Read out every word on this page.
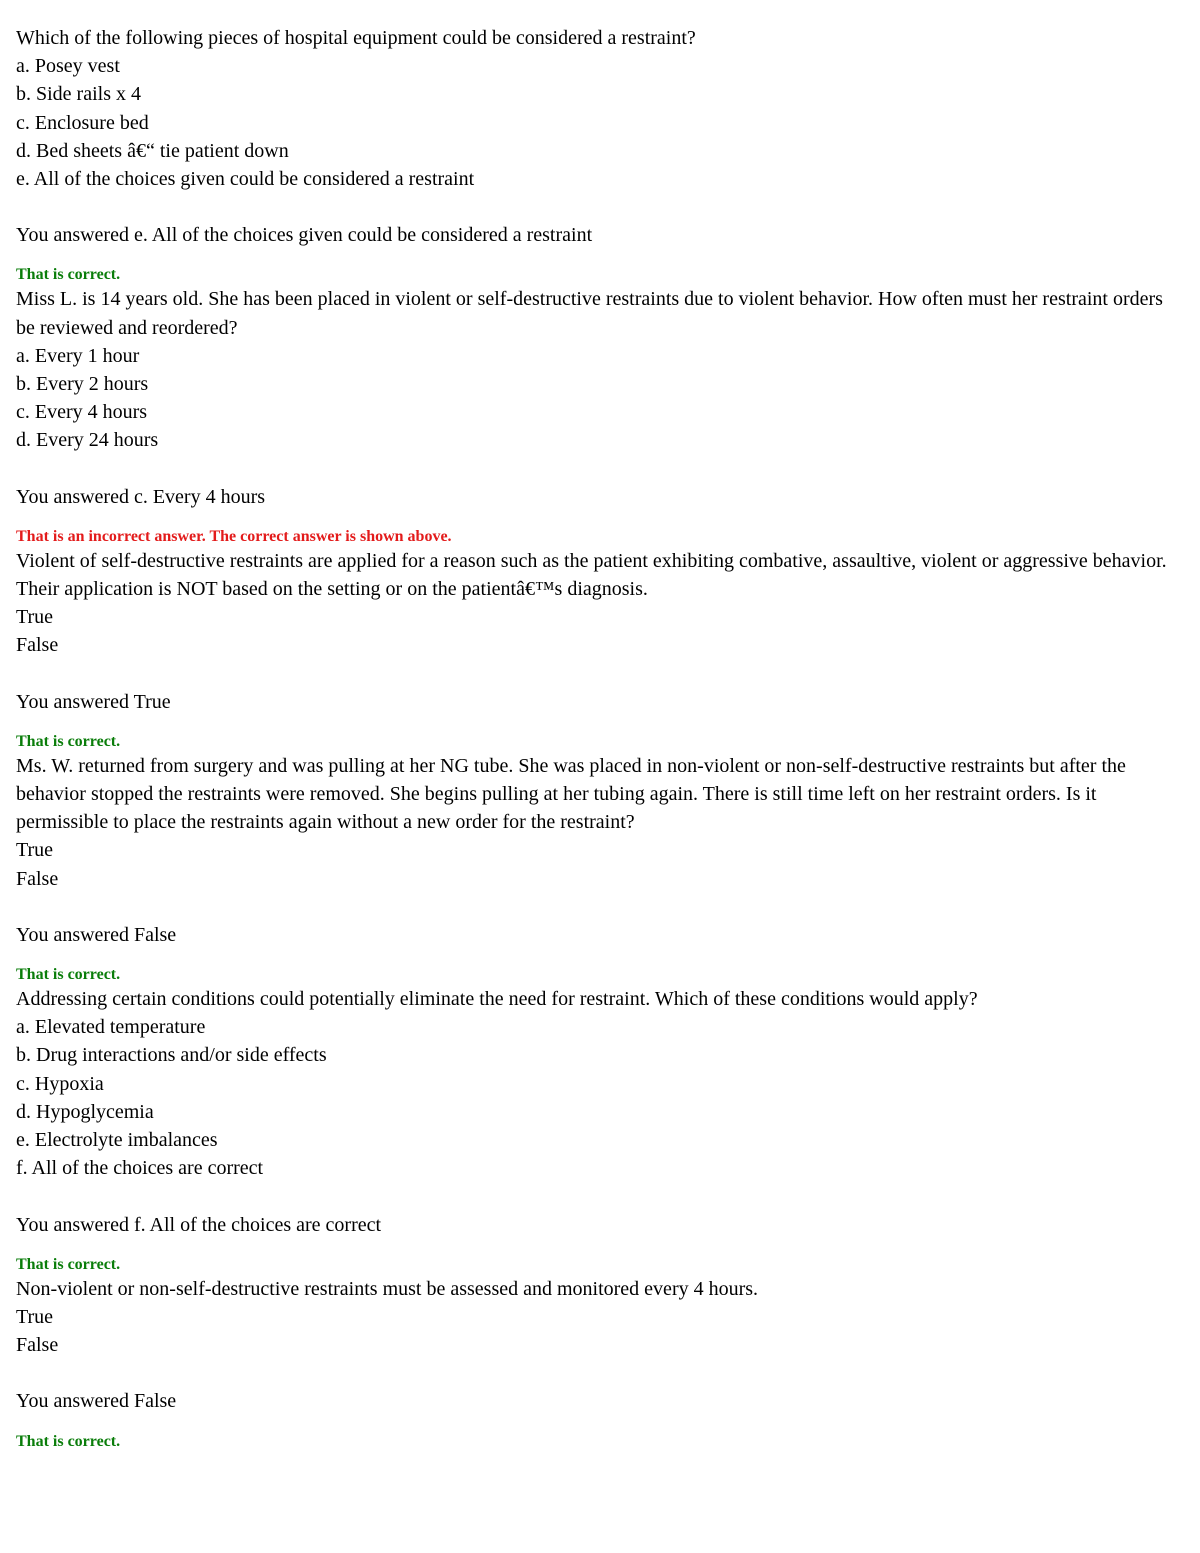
Which of the following pieces of hospital equipment could be considered a restraint?
a. Posey vest
b. Side rails x 4
c. Enclosure bed
d. Bed sheets â€“ tie patient down
e. All of the choices given could be considered a restraint
You answered e. All of the choices given could be considered a restraint
That is correct.
Miss L. is 14 years old. She has been placed in violent or self-destructive restraints due to violent behavior. How often must her restraint orders be reviewed and reordered?
a. Every 1 hour
b. Every 2 hours
c. Every 4 hours
d. Every 24 hours
You answered c. Every 4 hours
That is an incorrect answer. The correct answer is shown above.
Violent of self-destructive restraints are applied for a reason such as the patient exhibiting combative, assaultive, violent or aggressive behavior. Their application is NOT based on the setting or on the patientâ€™s diagnosis.
True
False
You answered True
That is correct.
Ms. W. returned from surgery and was pulling at her NG tube. She was placed in non-violent or non-self-destructive restraints but after the behavior stopped the restraints were removed. She begins pulling at her tubing again. There is still time left on her restraint orders. Is it permissible to place the restraints again without a new order for the restraint?
True
False
You answered False
That is correct.
Addressing certain conditions could potentially eliminate the need for restraint. Which of these conditions would apply?
a. Elevated temperature
b. Drug interactions and/or side effects
c. Hypoxia
d. Hypoglycemia
e. Electrolyte imbalances
f. All of the choices are correct
You answered f. All of the choices are correct
That is correct.
Non-violent or non-self-destructive restraints must be assessed and monitored every 4 hours.
True
False
You answered False
That is correct.
